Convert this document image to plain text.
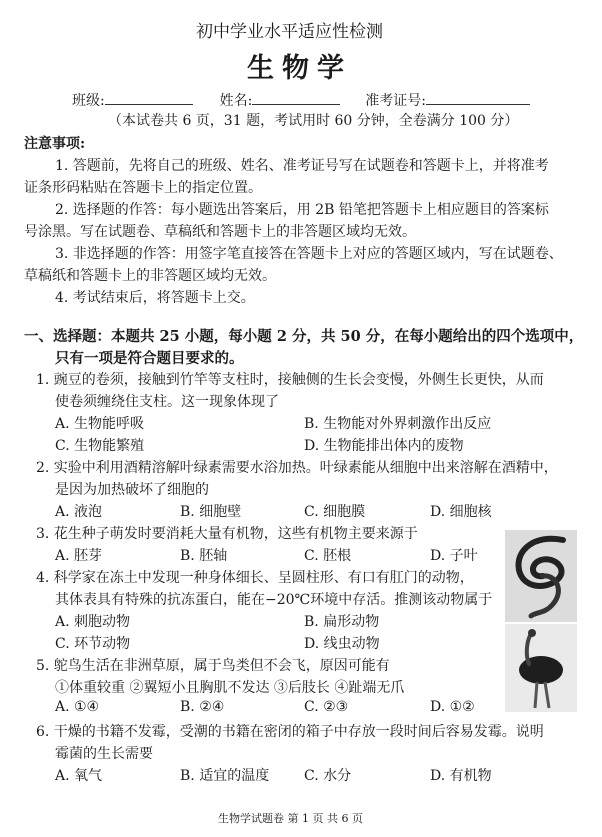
初中学业水平适应性检测
生物学
班级:	姓名:	准考证号:
（本试卷共 6 页，31 题，考试用时 60 分钟，全卷满分 100 分）
注意事项:
1. 答题前，先将自己的班级、姓名、准考证号写在试题卷和答题卡上，并将准考
证条形码粘贴在答题卡上的指定位置。
2. 选择题的作答：每小题选出答案后，用 2B 铅笔把答题卡上相应题目的答案标
号涂黑。写在试题卷、草稿纸和答题卡上的非答题区域均无效。
3. 非选择题的作答：用签字笔直接答在答题卡上对应的答题区域内，写在试题卷、
草稿纸和答题卡上的非答题区域均无效。
4. 考试结束后，将答题卡上交。
一、选择题：本题共 25 小题，每小题 2 分，共 50 分，在每小题给出的四个选项中，
只有一项是符合题目要求的。
1. 豌豆的卷须，接触到竹竿等支柱时，接触侧的生长会变慢，外侧生长更快，从而
使卷须缠绕住支柱。这一现象体现了
A. 生物能呼吸	B. 生物能对外界刺激作出反应
C. 生物能繁殖	D. 生物能排出体内的废物
2. 实验中利用酒精溶解叶绿素需要水浴加热。叶绿素能从细胞中出来溶解在酒精中，
是因为加热破坏了细胞的
A. 液泡	B. 细胞壁	C. 细胞膜	D. 细胞核
3. 花生种子萌发时要消耗大量有机物，这些有机物主要来源于
A. 胚芽	B. 胚轴	C. 胚根	D. 子叶
4. 科学家在冻土中发现一种身体细长、呈圆柱形、有口有肛门的动物，
其体表具有特殊的抗冻蛋白，能在−20℃环境中存活。推测该动物属于
A. 刺胞动物	B. 扁形动物
C. 环节动物	D. 线虫动物
5. 鸵鸟生活在非洲草原，属于鸟类但不会飞，原因可能有
①体重较重 ②翼短小且胸肌不发达 ③后肢长 ④趾端无爪
A. ①④	B. ②④	C. ②③	D. ①②
6. 干燥的书籍不发霉，受潮的书籍在密闭的箱子中存放一段时间后容易发霉。说明
霉菌的生长需要
A. 氧气	B. 适宜的温度 C. 水分	D. 有机物
生物学试题卷 第 1 页 共 6 页
